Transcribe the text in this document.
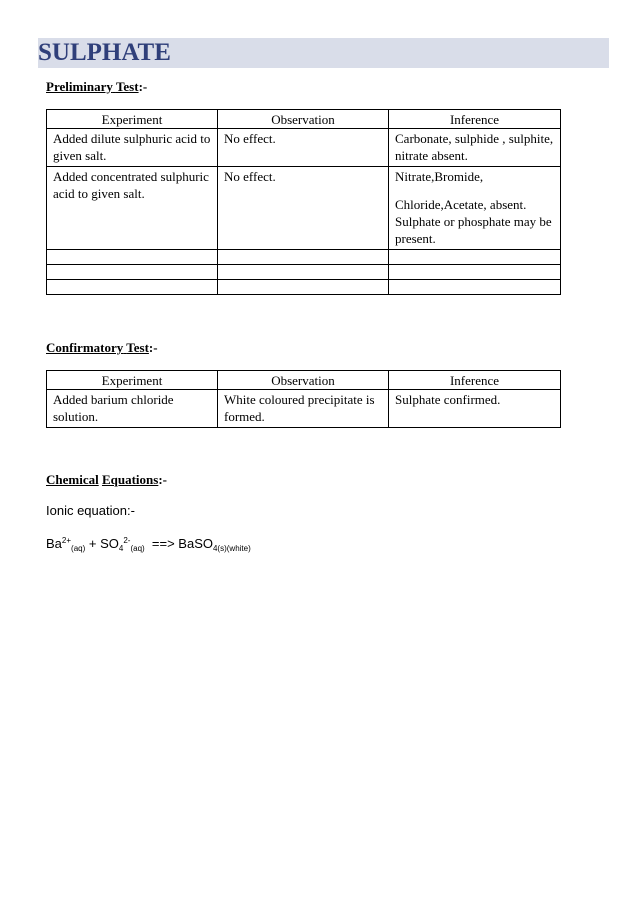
SULPHATE
Preliminary Test:-
Experiment	Observation	Inference
Added dilute sulphuric acid to given salt.	No effect.	Carbonate, sulphide , sulphite, nitrate absent.
Added concentrated sulphuric acid to given salt.	No effect.	Nitrate,Bromide,
Chloride,Acetate, absent. Sulphate or phosphate may be present.

Confirmatory Test:-
Experiment	Observation	Inference
Added barium chloride solution.	White coloured precipitate is formed.	Sulphate confirmed.
Chemical Equations:-
Ionic equation:-
$Ba^{2+}_{(aq)} + SO_4^{2-}_{(aq)}$  ==> BaSO$_{4(s)(white)}$
